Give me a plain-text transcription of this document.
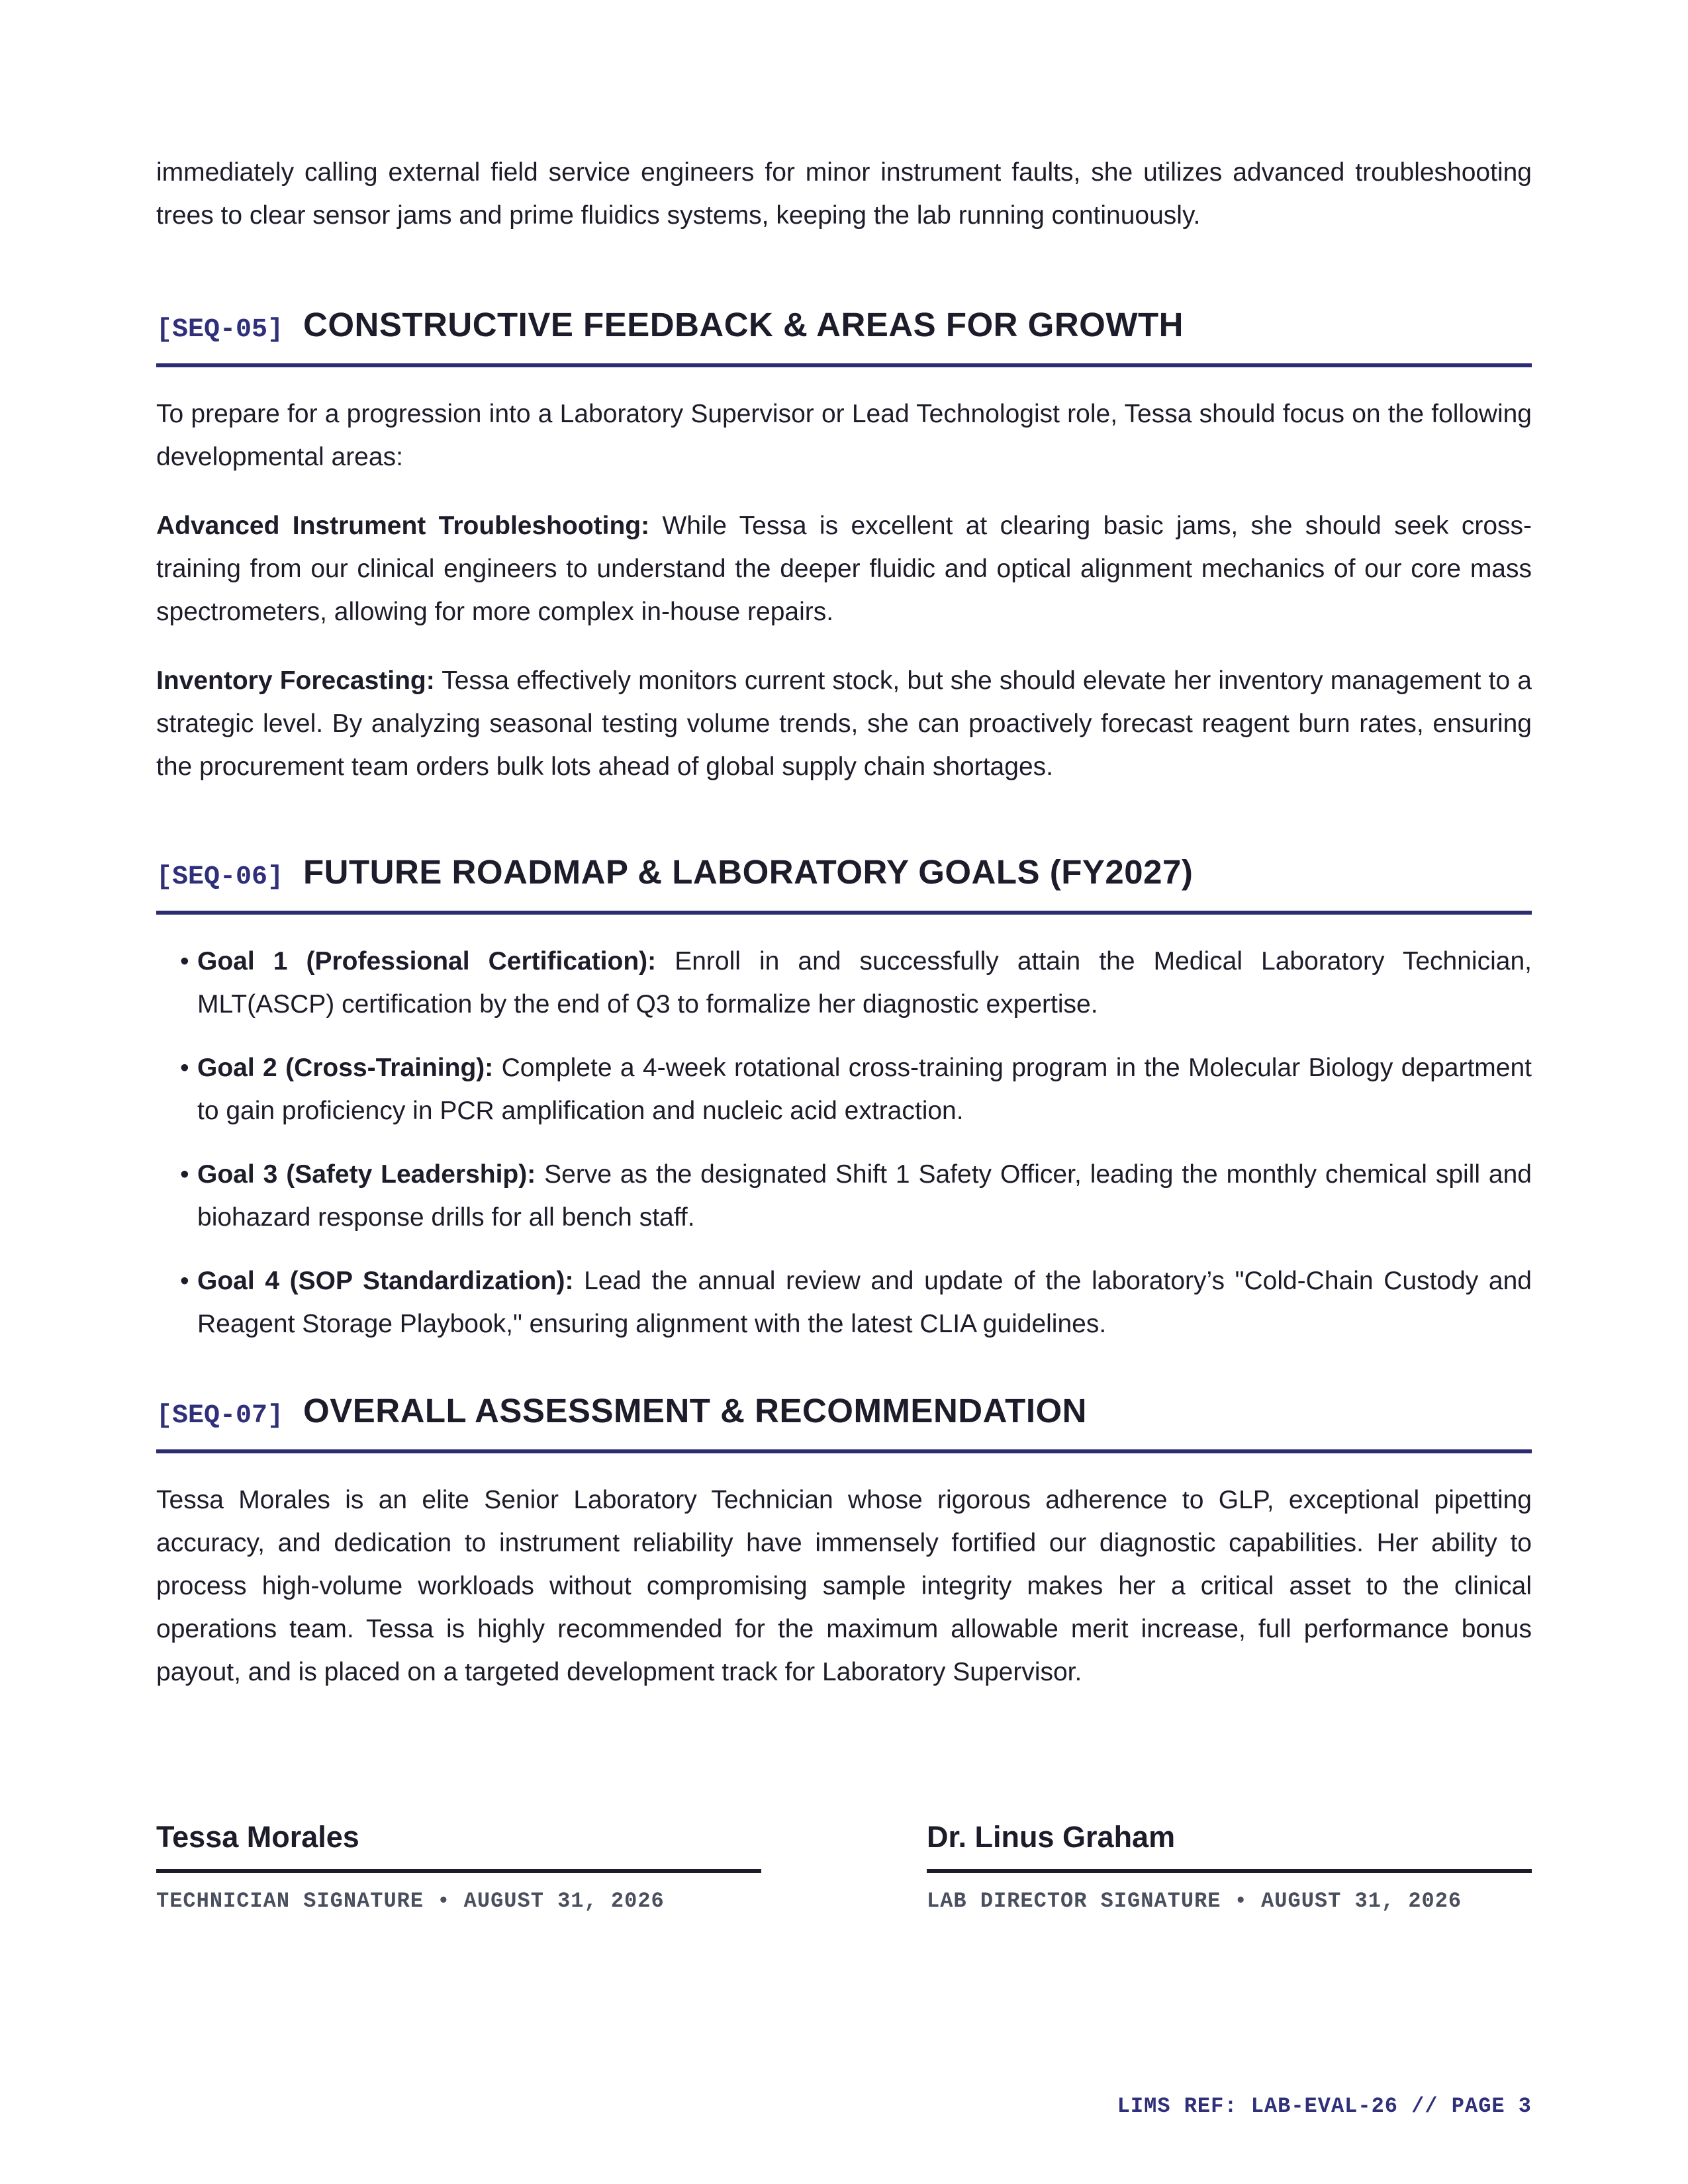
immediately calling external field service engineers for minor instrument faults, she utilizes advanced troubleshooting trees to clear sensor jams and prime fluidics systems, keeping the lab running continuously.

[SEQ-05] CONSTRUCTIVE FEEDBACK & AREAS FOR GROWTH

To prepare for a progression into a Laboratory Supervisor or Lead Technologist role, Tessa should focus on the following developmental areas:

Advanced Instrument Troubleshooting: While Tessa is excellent at clearing basic jams, she should seek cross-training from our clinical engineers to understand the deeper fluidic and optical alignment mechanics of our core mass spectrometers, allowing for more complex in-house repairs.

Inventory Forecasting: Tessa effectively monitors current stock, but she should elevate her inventory management to a strategic level. By analyzing seasonal testing volume trends, she can proactively forecast reagent burn rates, ensuring the procurement team orders bulk lots ahead of global supply chain shortages.

[SEQ-06] FUTURE ROADMAP & LABORATORY GOALS (FY2027)
• Goal 1 (Professional Certification): Enroll in and successfully attain the Medical Laboratory Technician, MLT(ASCP) certification by the end of Q3 to formalize her diagnostic expertise.
• Goal 2 (Cross-Training): Complete a 4-week rotational cross-training program in the Molecular Biology department to gain proficiency in PCR amplification and nucleic acid extraction.
• Goal 3 (Safety Leadership): Serve as the designated Shift 1 Safety Officer, leading the monthly chemical spill and biohazard response drills for all bench staff.
• Goal 4 (SOP Standardization): Lead the annual review and update of the laboratory’s "Cold-Chain Custody and Reagent Storage Playbook," ensuring alignment with the latest CLIA guidelines.
[SEQ-07] OVERALL ASSESSMENT & RECOMMENDATION

Tessa Morales is an elite Senior Laboratory Technician whose rigorous adherence to GLP, exceptional pipetting accuracy, and dedication to instrument reliability have immensely fortified our diagnostic capabilities. Her ability to process high-volume workloads without compromising sample integrity makes her a critical asset to the clinical operations team. Tessa is highly recommended for the maximum allowable merit increase, full performance bonus payout, and is placed on a targeted development track for Laboratory Supervisor.

Tessa Morales
TECHNICIAN SIGNATURE • AUGUST 31, 2026
Dr. Linus Graham
LAB DIRECTOR SIGNATURE • AUGUST 31, 2026
LIMS REF: LAB-EVAL-26 // PAGE 3
